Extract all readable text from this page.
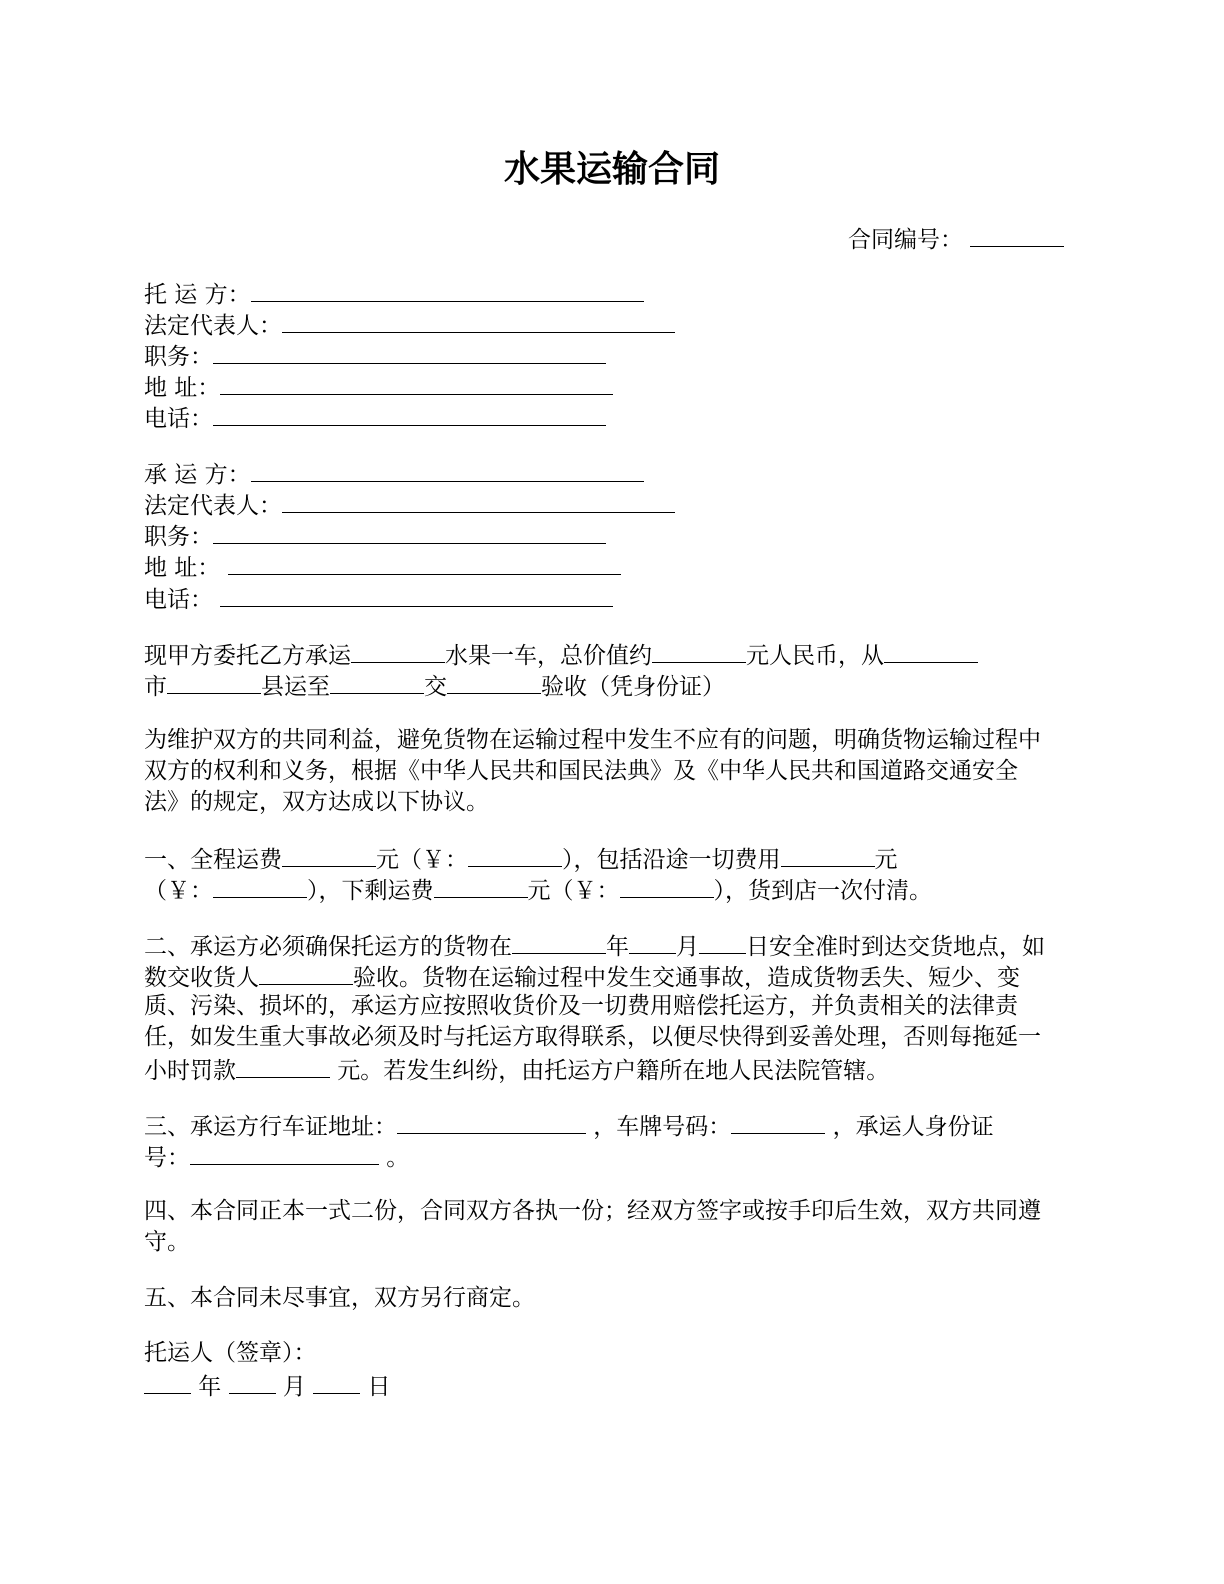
水果运输合同
合同编号：
托 运 方：
法定代表人：
职务：
地 址：
电话：
承 运 方：
法定代表人：
职务：
地 址：
电话：
现甲方委托乙方承运	水果一车，总价值约	元人民币，从
市	县运至	交	验收（凭身份证）
为维护双方的共同利益，避免货物在运输过程中发生不应有的问题，明确货物运输过程中
双方的权利和义务，根据《中华人民共和国民法典》及《中华人民共和国道路交通安全
法》的规定，双方达成以下协议。
一、全程运费	元（￥：	），包括沿途一切费用	元
（￥：	），下剩运费	元（￥：	），货到店一次付清。
二、承运方必须确保托运方的货物在	年 月 日安全准时到达交货地点，如
数交收货人	验收。货物在运输过程中发生交通事故，造成货物丢失、短少、变
质、污染、损坏的，承运方应按照收货价及一切费用赔偿托运方，并负责相关的法律责
任，如发生重大事故必须及时与托运方取得联系，以便尽快得到妥善处理，否则每拖延一
小时罚款	元。若发生纠纷，由托运方户籍所在地人民法院管辖。
三、承运方行车证地址：	，车牌号码：	，承运人身份证
号：	。
四、本合同正本一式二份，合同双方各执一份；经双方签字或按手印后生效，双方共同遵
守。
五、本合同未尽事宜，双方另行商定。
托运人（签章）：
年  月  日
